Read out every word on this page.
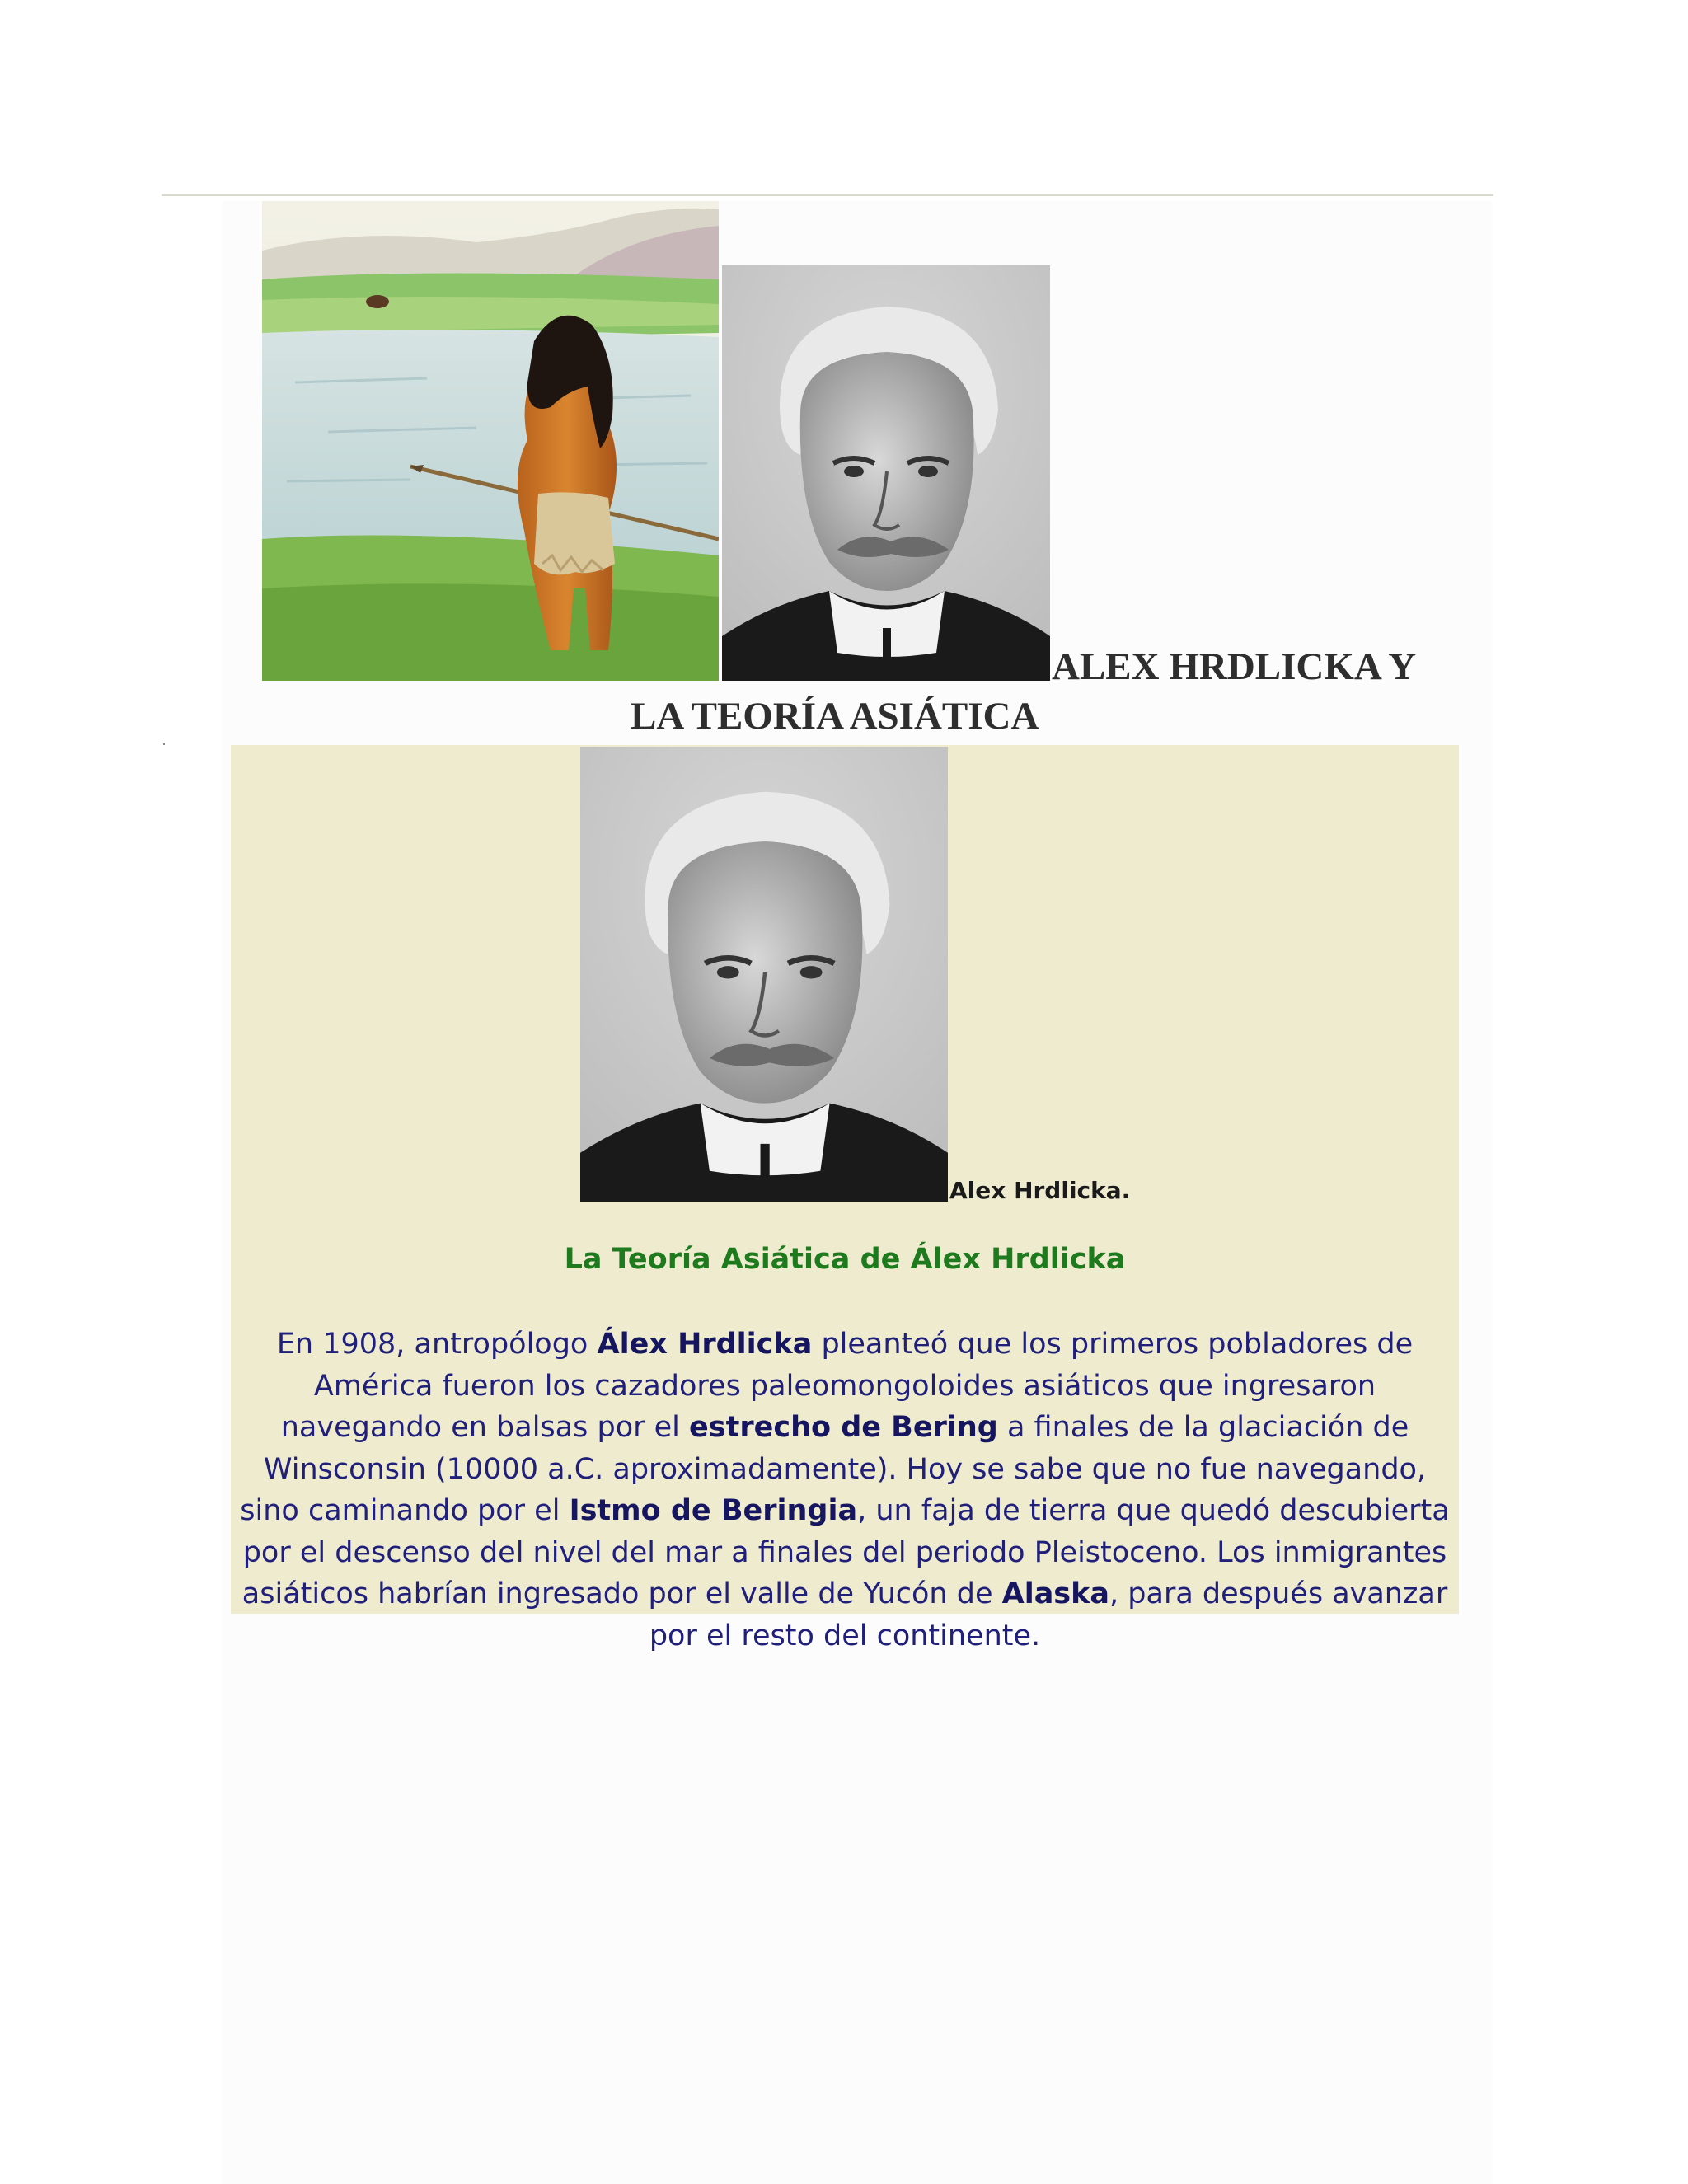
ALEX HRDLICKA Y
LA TEORÍA ASIÁTICA
Alex Hrdlicka.
La Teoría Asiática de Álex Hrdlicka
En 1908, antropólogo Álex Hrdlicka pleanteó que los primeros pobladores de América fueron los cazadores paleomongoloides asiáticos que ingresaron navegando en balsas por el estrecho de Bering a finales de la glaciación de Winsconsin (10000 a.C. aproximadamente). Hoy se sabe que no fue navegando, sino caminando por el Istmo de Beringia, un faja de tierra que quedó descubierta por el descenso del nivel del mar a finales del periodo Pleistoceno. Los inmigrantes asiáticos habrían ingresado por el valle de Yucón de Alaska, para después avanzar por el resto del continente.
